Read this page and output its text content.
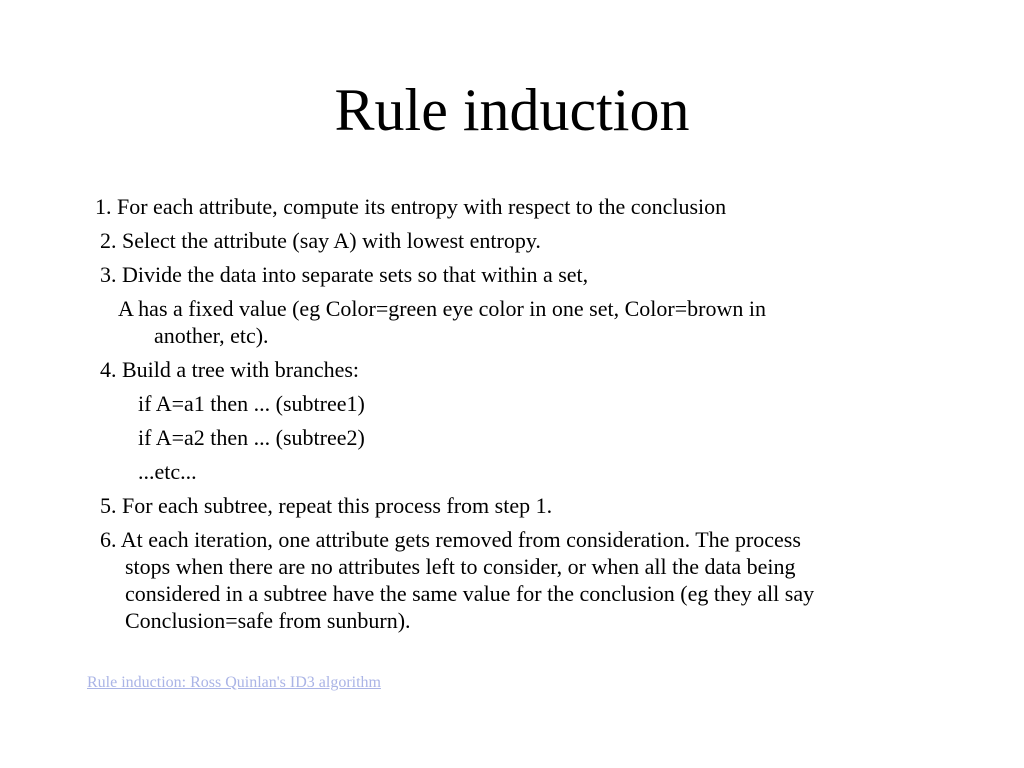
Rule induction
1. For each attribute, compute its entropy with respect to the conclusion
2. Select the attribute (say A) with lowest entropy.
3. Divide the data into separate sets so that within a set,
A has a fixed value (eg Color=green eye color in one set, Color=brown in
another, etc).
4. Build a tree with branches:
if A=a1 then ... (subtree1)
if A=a2 then ... (subtree2)
...etc...
5. For each subtree, repeat this process from step 1.
6. At each iteration, one attribute gets removed from consideration. The process
stops when there are no attributes left to consider, or when all the data being
considered in a subtree have the same value for the conclusion (eg they all say
Conclusion=safe from sunburn).
Rule induction: Ross Quinlan's ID3 algorithm
